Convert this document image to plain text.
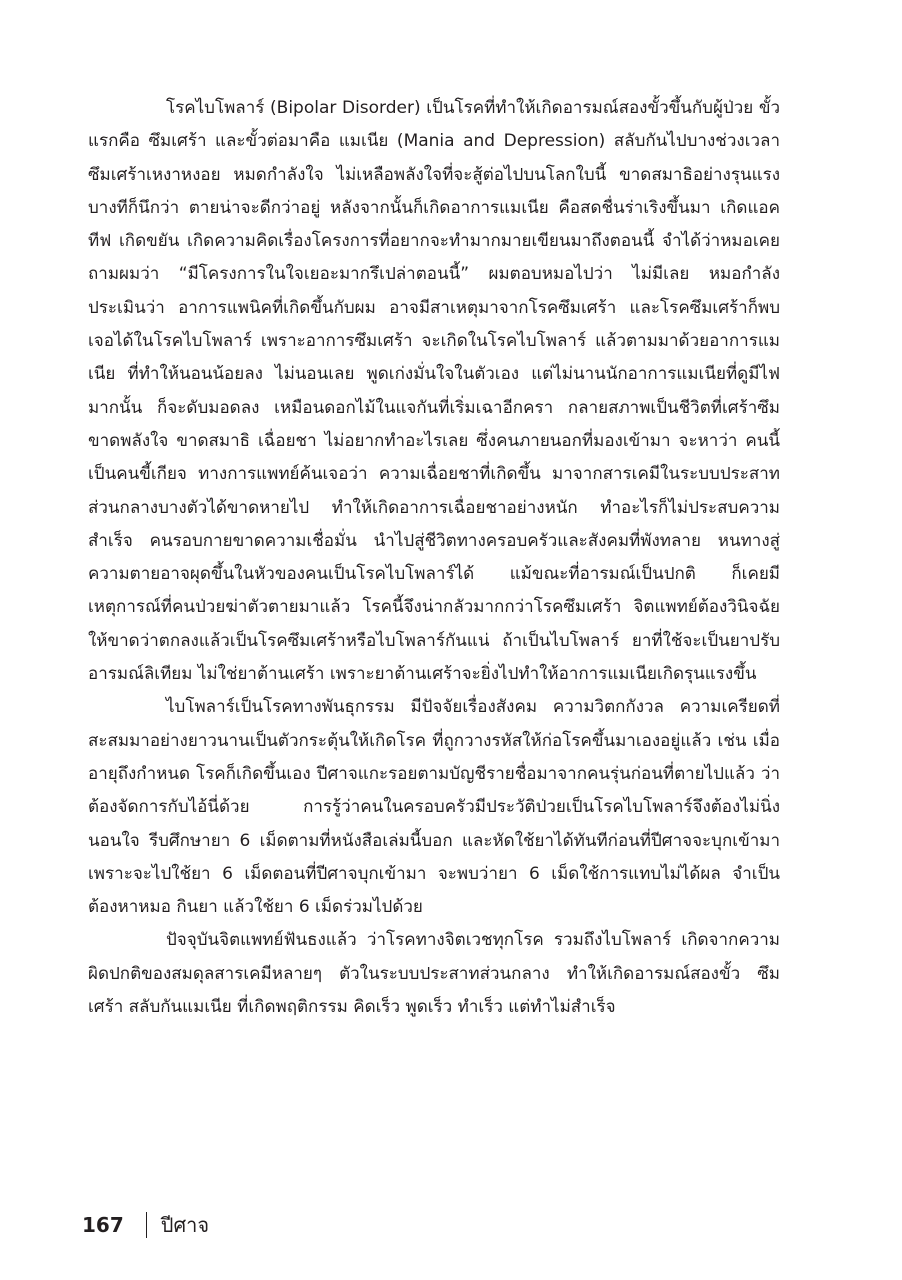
โรคไบโพลาร์ (Bipolar Disorder) เป็นโรคที่ทำให้เกิดอารมณ์สองขั้วขึ้นกับผู้ป่วย ขั้วแรกคือ ซึมเศร้า และขั้วต่อมาคือ แมเนีย (Mania and Depression) สลับกันไปบางช่วงเวลาซึมเศร้าเหงาหงอย หมดกำลังใจ ไม่เหลือพลังใจที่จะสู้ต่อไปบนโลกใบนี้ ขาดสมาธิอย่างรุนแรง บางทีก็นึกว่า ตายน่าจะดีกว่าอยู่ หลังจากนั้นก็เกิดอาการแมเนีย คือสดชื่นร่าเริงขึ้นมา เกิดแอคทีฟ เกิดขยัน เกิดความคิดเรื่องโครงการที่อยากจะทำมากมายเขียนมาถึงตอนนี้ จำได้ว่าหมอเคยถามผมว่า “มีโครงการในใจเยอะมากรึเปล่าตอนนี้” ผมตอบหมอไปว่า ไม่มีเลย หมอกำลังประเมินว่า อาการแพนิคที่เกิดขึ้นกับผม อาจมีสาเหตุมาจากโรคซึมเศร้า และโรคซึมเศร้าก็พบเจอได้ในโรคไบโพลาร์ เพราะอาการซึมเศร้า จะเกิดในโรคไบโพลาร์ แล้วตามมาด้วยอาการแมเนีย ที่ทำให้นอนน้อยลง ไม่นอนเลย พูดเก่งมั่นใจในตัวเอง แต่ไม่นานนักอาการแมเนียที่ดูมีไฟมากนั้น ก็จะดับมอดลง เหมือนดอกไม้ในแจกันที่เริ่มเฉาอีกครา กลายสภาพเป็นชีวิตที่เศร้าซึม ขาดพลังใจ ขาดสมาธิ เฉื่อยชา ไม่อยากทำอะไรเลย ซึ่งคนภายนอกที่มองเข้ามา จะหาว่า คนนี้เป็นคนขี้เกียจ ทางการแพทย์ค้นเจอว่า ความเฉื่อยชาที่เกิดขึ้น มาจากสารเคมีในระบบประสาทส่วนกลางบางตัวได้ขาดหายไป ทำให้เกิดอาการเฉื่อยชาอย่างหนัก ทำอะไรก็ไม่ประสบความสำเร็จ คนรอบกายขาดความเชื่อมั่น นำไปสู่ชีวิตทางครอบครัวและสังคมที่พังทลาย หนทางสู่ความตายอาจผุดขึ้นในหัวของคนเป็นโรคไบโพลาร์ได้ แม้ขณะที่อารมณ์เป็นปกติ ก็เคยมีเหตุการณ์ที่คนป่วยฆ่าตัวตายมาแล้ว โรคนี้จึงน่ากลัวมากกว่าโรคซึมเศร้า จิตแพทย์ต้องวินิจฉัยให้ขาดว่าตกลงแล้วเป็นโรคซึมเศร้าหรือไบโพลาร์กันแน่ ถ้าเป็นไบโพลาร์ ยาที่ใช้จะเป็นยาปรับอารมณ์ลิเทียม ไม่ใช่ยาต้านเศร้า เพราะยาต้านเศร้าจะยิ่งไปทำให้อาการแมเนียเกิดรุนแรงขึ้น

ไบโพลาร์เป็นโรคทางพันธุกรรม มีปัจจัยเรื่องสังคม ความวิตกกังวล ความเครียดที่สะสมมาอย่างยาวนานเป็นตัวกระตุ้นให้เกิดโรค ที่ถูกวางรหัสให้ก่อโรคขึ้นมาเองอยู่แล้ว เช่น เมื่ออายุถึงกำหนด โรคก็เกิดขึ้นเอง ปีศาจแกะรอยตามบัญชีรายชื่อมาจากคนรุ่นก่อนที่ตายไปแล้ว ว่าต้องจัดการกับไอ้นี่ด้วย การรู้ว่าคนในครอบครัวมีประวัติป่วยเป็นโรคไบโพลาร์จึงต้องไม่นิ่งนอนใจ รีบศึกษายา 6 เม็ดตามที่หนังสือเล่มนี้บอก และหัดใช้ยาได้ทันทีก่อนที่ปีศาจจะบุกเข้ามา เพราะจะไปใช้ยา 6 เม็ดตอนที่ปีศาจบุกเข้ามา จะพบว่ายา 6 เม็ดใช้การแทบไม่ได้ผล จำเป็นต้องหาหมอ กินยา แล้วใช้ยา 6 เม็ดร่วมไปด้วย

ปัจจุบันจิตแพทย์ฟันธงแล้ว ว่าโรคทางจิตเวชทุกโรค รวมถึงไบโพลาร์ เกิดจากความผิดปกติของสมดุลสารเคมีหลายๆ ตัวในระบบประสาทส่วนกลาง ทำให้เกิดอารมณ์สองขั้ว ซึมเศร้า สลับกันแมเนีย ที่เกิดพฤติกรรม คิดเร็ว พูดเร็ว ทำเร็ว แต่ทำไม่สำเร็จ

167 ปีศาจ
